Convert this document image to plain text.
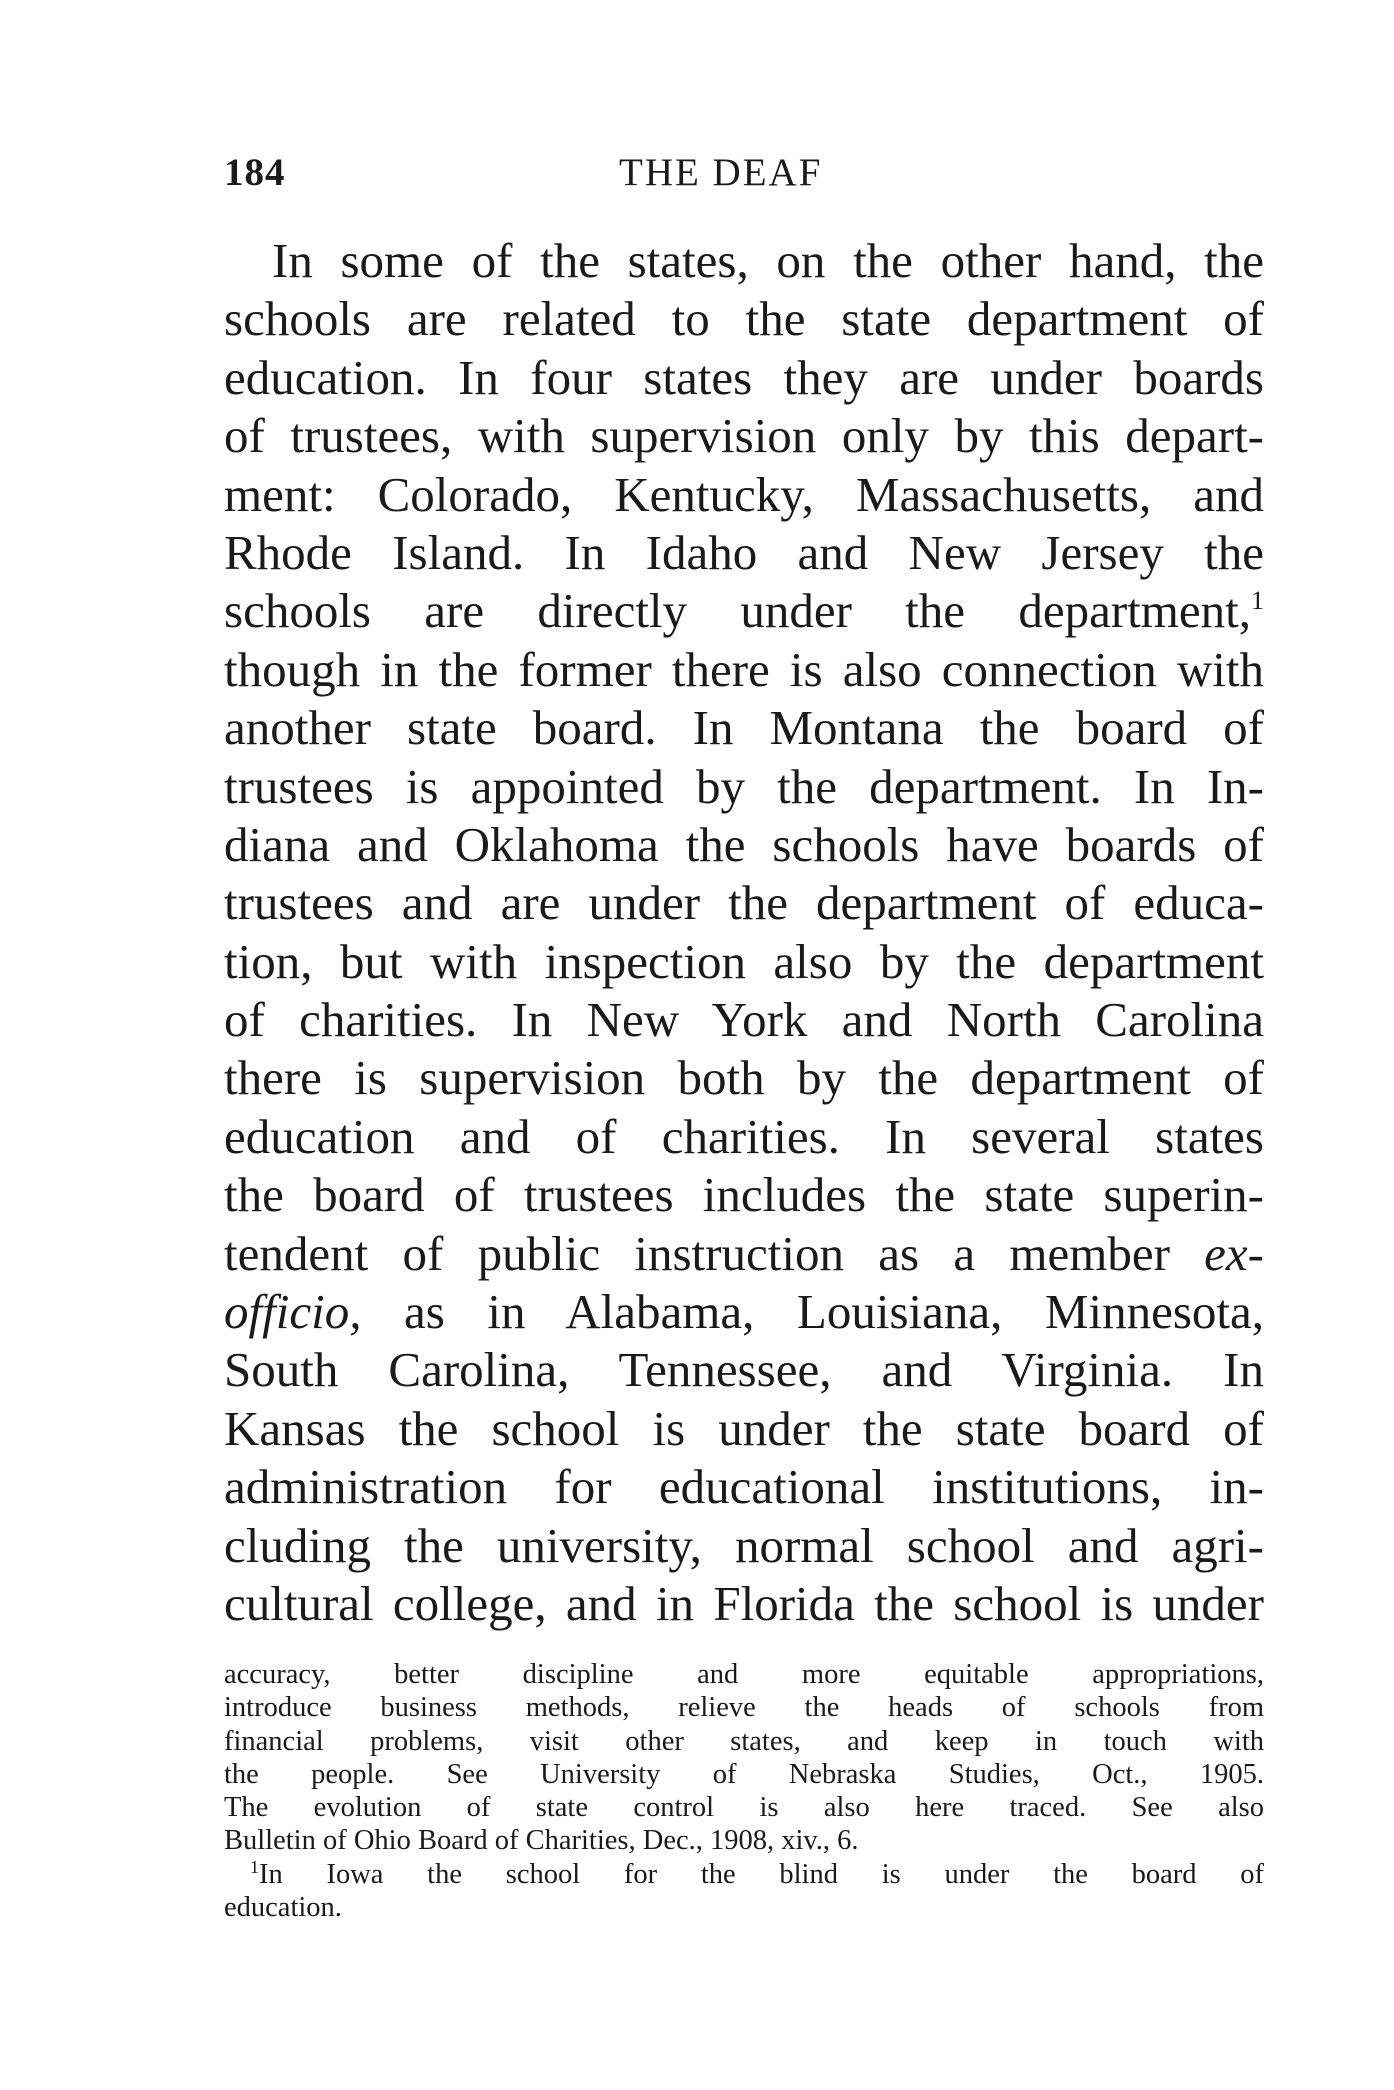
184	THE DEAF
In some of the states, on the other hand, the
schools are related to the state department of
education. In four states they are under boards
of trustees, with supervision only by this depart-
ment: Colorado, Kentucky, Massachusetts, and
Rhode Island. In Idaho and New Jersey the
schools are directly under the department,$^1$
though in the former there is also connection with
another state board. In Montana the board of
trustees is appointed by the department. In In-
diana and Oklahoma the schools have boards of
trustees and are under the department of educa-
tion, but with inspection also by the department
of charities. In New York and North Carolina
there is supervision both by the department of
education and of charities. In several states
the board of trustees includes the state superin-
tendent of public instruction as a member ex-
officio, as in Alabama, Louisiana, Minnesota,
South Carolina, Tennessee, and Virginia. In
Kansas the school is under the state board of
administration for educational institutions, in-
cluding the university, normal school and agri-
cultural college, and in Florida the school is under
accuracy, better discipline and more equitable appropriations,
introduce business methods, relieve the heads of schools from
financial problems, visit other states, and keep in touch with
the people. See University of Nebraska Studies, Oct., 1905.
The evolution of state control is also here traced. See also
Bulletin of Ohio Board of Charities, Dec., 1908, xiv., 6.
$^1$In Iowa the school for the blind is under the board of
education.
